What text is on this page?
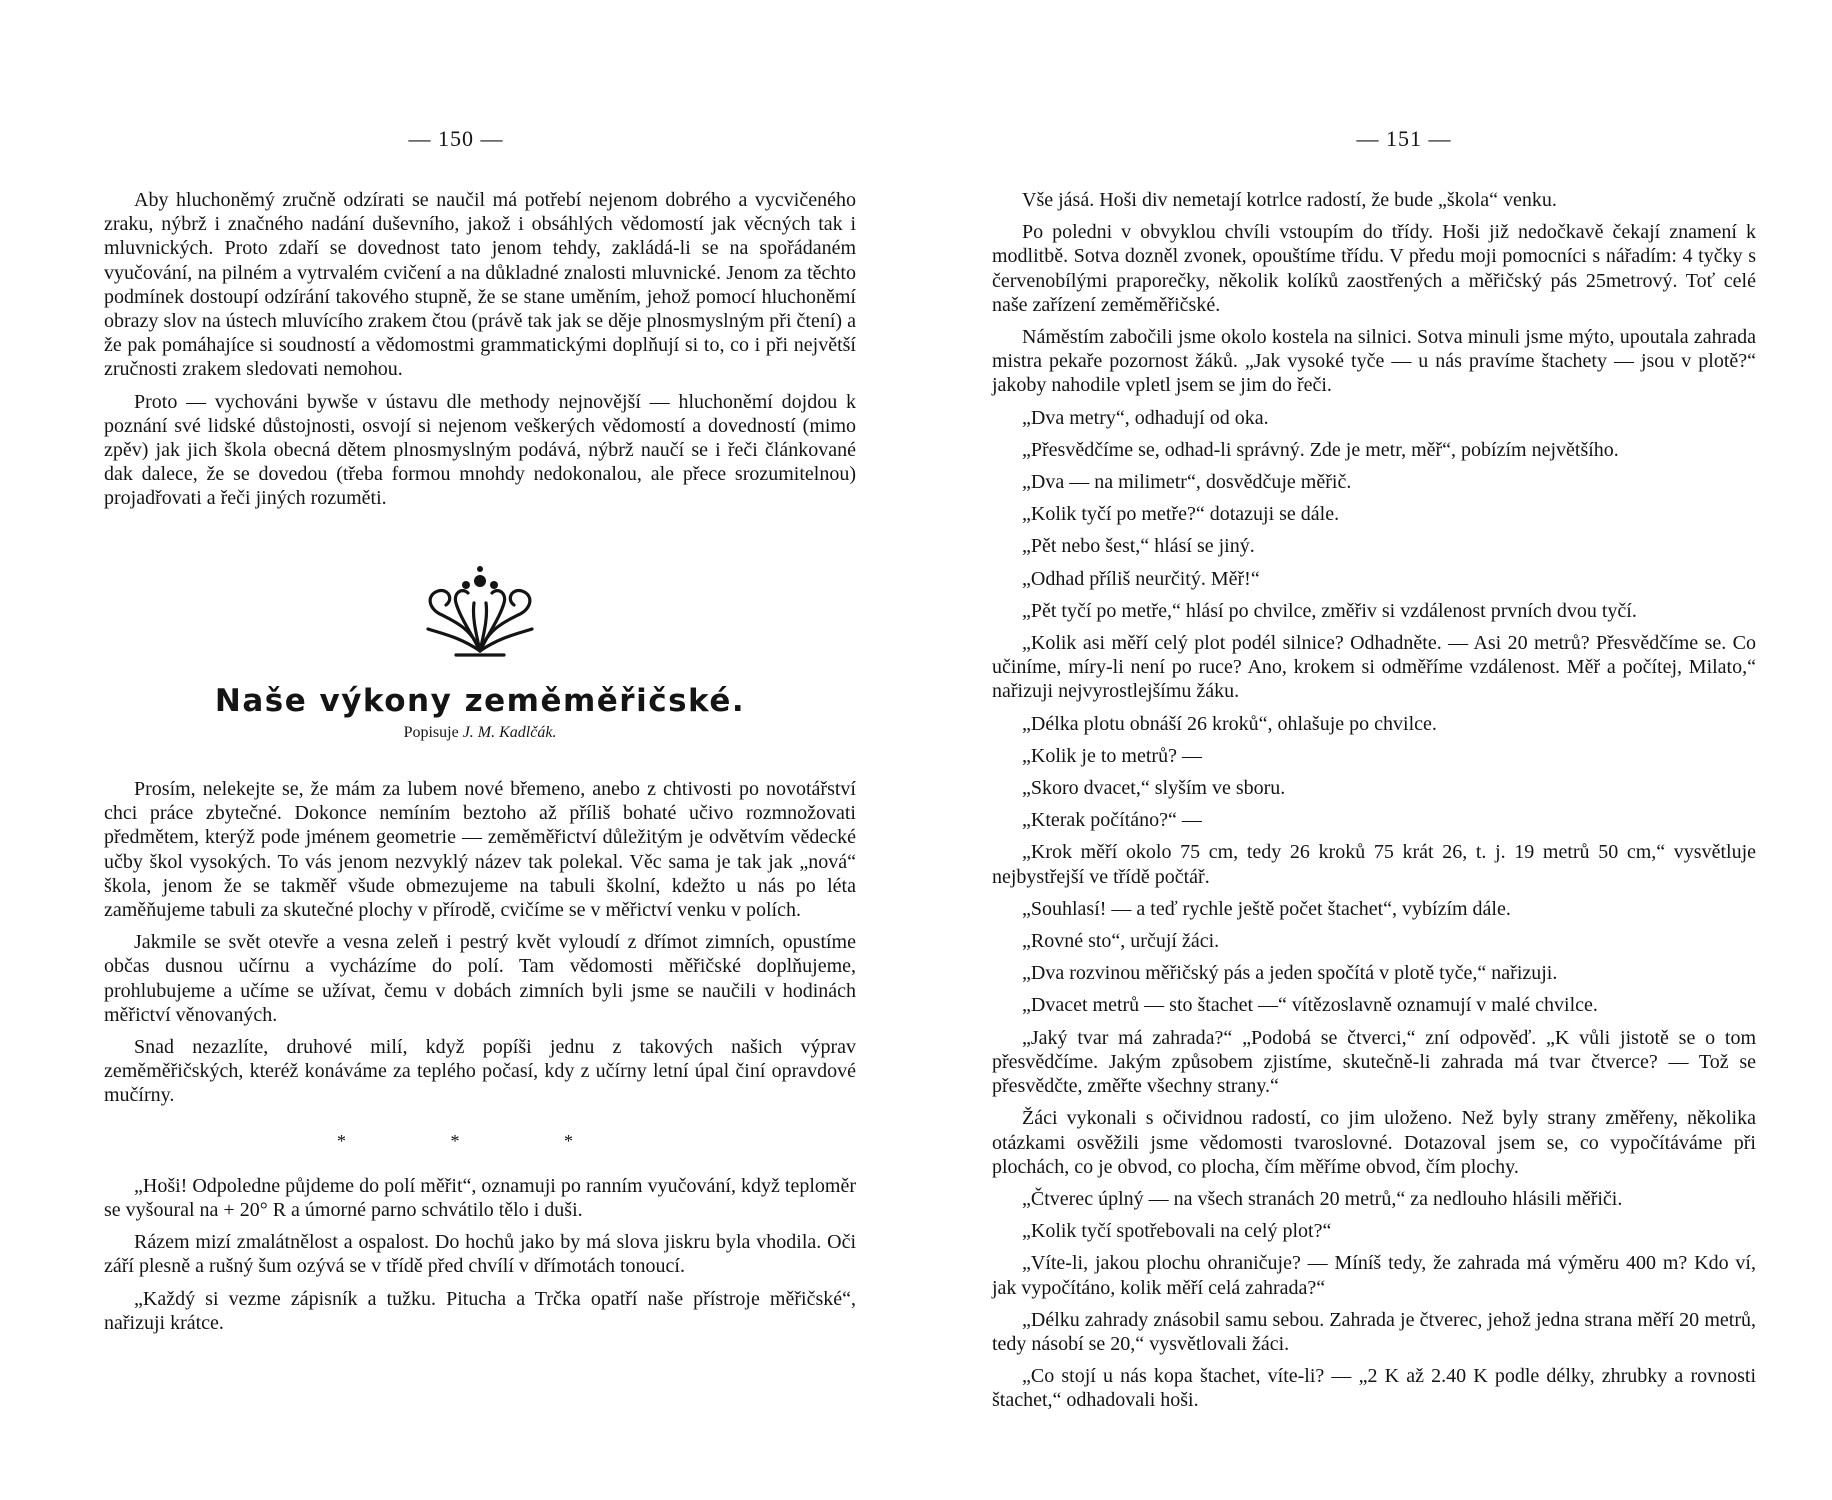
— 150 —

Aby hluchoněmý zručně odzírati se naučil má potřebí nejenom dobrého a vycvičeného zraku, nýbrž i značného nadání duševního, jakož i obsáhlých vědomostí jak věcných tak i mluvnických. Proto zdaří se dovednost tato jenom tehdy, zakládá-li se na spořádaném vyučování, na pilném a vytrvalém cvičení a na důkladné znalosti mluvnické. Jenom za těchto podmínek dostoupí odzírání takového stupně, že se stane uměním, jehož pomocí hluchoněmí obrazy slov na ústech mluvícího zrakem čtou (právě tak jak se děje plnosmyslným při čtení) a že pak pomáhajíce si soudností a vědomostmi grammatickými doplňují si to, co i při největší zručnosti zrakem sledovati nemohou.

Proto — vychováni bywše v ústavu dle methody nejnovější — hluchoněmí dojdou k poznání své lidské důstojnosti, osvojí si nejenom veškerých vědomostí a dovedností (mimo zpěv) jak jich škola obecná dětem plnosmyslným podává, nýbrž naučí se i řeči článkované dak dalece, že se dovedou (třeba formou mnohdy nedokonalou, ale přece srozumitelnou) projadřovati a řeči jiných rozuměti.

Naše výkony zeměměřičské.

Popisuje J. M. Kadlčák.

Prosím, nelekejte se, že mám za lubem nové břemeno, anebo z chtivosti po novotářství chci práce zbytečné. Dokonce nemíním beztoho až příliš bohaté učivo rozmnožovati předmětem, kterýž pode jménem geometrie — zeměměřictví důležitým je odvětvím vědecké učby škol vysokých. To vás jenom nezvyklý název tak polekal. Věc sama je tak jak „nová“ škola, jenom že se takměř všude obmezujeme na tabuli školní, kdežto u nás po léta zaměňujeme tabuli za skutečné plochy v přírodě, cvičíme se v měřictví venku v polích.

Jakmile se svět otevře a vesna zeleň i pestrý květ vyloudí z dřímot zimních, opustíme občas dusnou učírnu a vycházíme do polí. Tam vědomosti měřičské doplňujeme, prohlubujeme a učíme se užívat, čemu v dobách zimních byli jsme se naučili v hodinách měřictví věnovaných.

Snad nezazlíte, druhové milí, když popíši jednu z takových našich výprav zeměměřičských, kteréž konáváme za teplého počasí, kdy z učírny letní úpal činí opravdové mučírny.

* * *

„Hoši! Odpoledne půjdeme do polí měřit“, oznamuji po ranním vyučování, když teploměr se vyšoural na + 20° R a úmorné parno schvátilo tělo i duši.

Rázem mizí zmalátnělost a ospalost. Do hochů jako by má slova jiskru byla vhodila. Oči září plesně a rušný šum ozývá se v třídě před chvílí v dřímotách tonoucí.

„Každý si vezme zápisník a tužku. Pitucha a Trčka opatří naše přístroje měřičské“, nařizuji krátce.

— 151 —

Vše jásá. Hoši div nemetají kotrlce radostí, že bude „škola“ venku.

Po poledni v obvyklou chvíli vstoupím do třídy. Hoši již nedočkavě čekají znamení k modlitbě. Sotva dozněl zvonek, opouštíme třídu. V předu moji pomocníci s nářadím: 4 tyčky s červenobílými praporečky, několik kolíků zaostřených a měřičský pás 25metrový. Toť celé naše zařízení zeměměřičské.

Náměstím zabočili jsme okolo kostela na silnici. Sotva minuli jsme mýto, upoutala zahrada mistra pekaře pozornost žáků. „Jak vysoké tyče — u nás pravíme štachety — jsou v plotě?“ jakoby nahodile vpletl jsem se jim do řeči.

„Dva metry“, odhadují od oka.

„Přesvědčíme se, odhad-li správný. Zde je metr, měř“, pobízím největšího.

„Dva — na milimetr“, dosvědčuje měřič.

„Kolik tyčí po metře?“ dotazuji se dále.

„Pět nebo šest,“ hlásí se jiný.

„Odhad příliš neurčitý. Měř!“

„Pět tyčí po metře,“ hlásí po chvilce, změřiv si vzdálenost prvních dvou tyčí.

„Kolik asi měří celý plot podél silnice? Odhadněte. — Asi 20 metrů? Přesvědčíme se. Co učiníme, míry-li není po ruce? Ano, krokem si odměříme vzdálenost. Měř a počítej, Milato,“ nařizuji nejvyrostlejšímu žáku.

„Délka plotu obnáší 26 kroků“, ohlašuje po chvilce.

„Kolik je to metrů? —

„Skoro dvacet,“ slyším ve sboru.

„Kterak počítáno?“ —

„Krok měří okolo 75 cm, tedy 26 kroků 75 krát 26, t. j. 19 metrů 50 cm,“ vysvětluje nejbystřejší ve třídě počtář.

„Souhlasí! — a teď rychle ještě počet štachet“, vybízím dále.

„Rovné sto“, určují žáci.

„Dva rozvinou měřičský pás a jeden spočítá v plotě tyče,“ nařizuji.

„Dvacet metrů — sto štachet —“ vítězoslavně oznamují v malé chvilce.

„Jaký tvar má zahrada?“ „Podobá se čtverci,“ zní odpověď. „K vůli jistotě se o tom přesvědčíme. Jakým způsobem zjistíme, skutečně-li zahrada má tvar čtverce? — Tož se přesvědčte, změřte všechny strany.“

Žáci vykonali s očividnou radostí, co jim uloženo. Než byly strany změřeny, několika otázkami osvěžili jsme vědomosti tvaroslovné. Dotazoval jsem se, co vypočítáváme při plochách, co je obvod, co plocha, čím měříme obvod, čím plochy.

„Čtverec úplný — na všech stranách 20 metrů,“ za nedlouho hlásili měřiči.

„Kolik tyčí spotřebovali na celý plot?“

„Víte-li, jakou plochu ohraničuje? — Míníš tedy, že zahrada má výměru 400 m? Kdo ví, jak vypočítáno, kolik měří celá zahrada?“

„Délku zahrady znásobil samu sebou. Zahrada je čtverec, jehož jedna strana měří 20 metrů, tedy násobí se 20,“ vysvětlovali žáci.

„Co stojí u nás kopa štachet, víte-li? — „2 K až 2.40 K podle délky, zhrubky a rovnosti štachet,“ odhadovali hoši.
